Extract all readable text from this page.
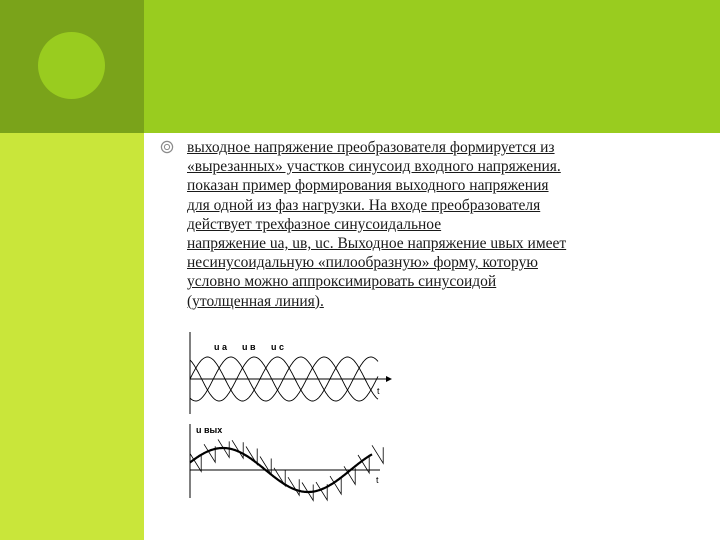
выходное напряжение преобразователя формируется из
«вырезанных» участков синусоид входного напряжения.
показан пример формирования выходного напряжения
для одной из фаз нагрузки. На входе преобразователя
действует трехфазное синусоидальное
напряжение uа, uв, uс. Выходное напряжение uвых имеет
несинусоидальную «пилообразную» форму, которую
условно можно аппроксимировать синусоидой
(утолщенная линия).

u a u в u c
t
u вых
t
